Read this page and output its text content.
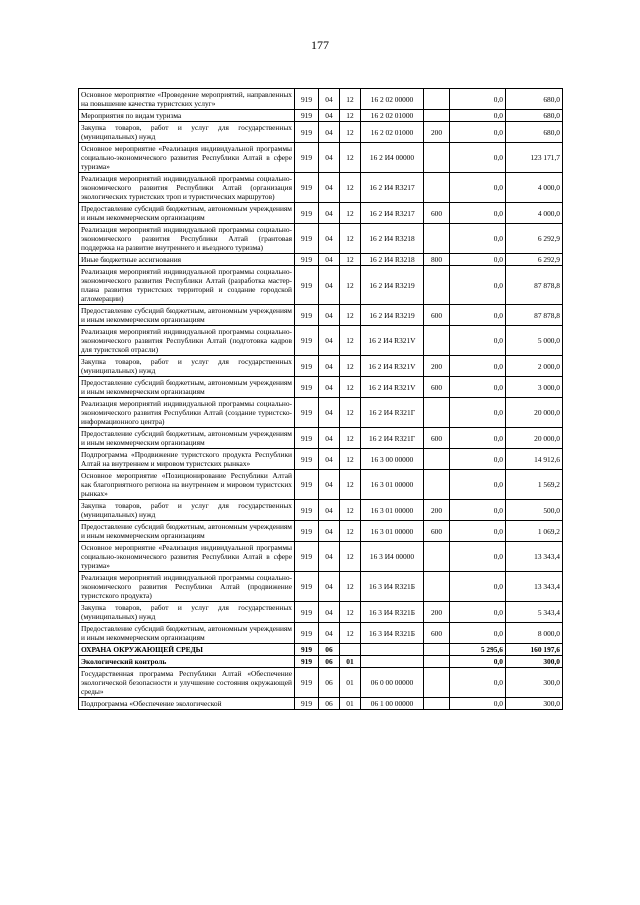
177
Основное мероприятие «Проведение мероприятий, направленных на повышение качества туристских услуг»	919	04	12	16 2 02 00000		0,0	680,0
Мероприятия по видам туризма	919	04	12	16 2 02 01000		0,0	680,0
Закупка товаров, работ и услуг для государственных (муниципальных) нужд	919	04	12	16 2 02 01000	200	0,0	680,0
Основное мероприятие «Реализация индивидуальной программы социально-экономического развития Республики Алтай в сфере туризма»	919	04	12	16 2 И4 00000		0,0	123 171,7
Реализация мероприятий индивидуальной программы социально-экономического развития Республики Алтай (организация экологических туристских троп и туристических маршрутов)	919	04	12	16 2 И4 R3217		0,0	4 000,0
Предоставление субсидий бюджетным, автономным учреждениям и иным некоммерческим организациям	919	04	12	16 2 И4 R3217	600	0,0	4 000,0
Реализация мероприятий индивидуальной программы социально-экономического развития Республики Алтай (грантовая поддержка на развитие внутреннего и въездного туризма)	919	04	12	16 2 И4 R3218		0,0	6 292,9
Иные бюджетные ассигнования	919	04	12	16 2 И4 R3218	800	0,0	6 292,9
Реализация мероприятий индивидуальной программы социально-экономического развития Республики Алтай (разработка мастер-плана развития туристских территорий и создание городской агломерации)	919	04	12	16 2 И4 R3219		0,0	87 878,8
Предоставление субсидий бюджетным, автономным учреждениям и иным некоммерческим организациям	919	04	12	16 2 И4 R3219	600	0,0	87 878,8
Реализация мероприятий индивидуальной программы социально-экономического развития Республики Алтай (подготовка кадров для туристской отрасли)	919	04	12	16 2 И4 R321V		0,0	5 000,0
Закупка товаров, работ и услуг для государственных (муниципальных) нужд	919	04	12	16 2 И4 R321V	200	0,0	2 000,0
Предоставление субсидий бюджетным, автономным учреждениям и иным некоммерческим организациям	919	04	12	16 2 И4 R321V	600	0,0	3 000,0
Реализация мероприятий индивидуальной программы социально-экономического развития Республики Алтай (создание туристско-информационного центра)	919	04	12	16 2 И4 R321Г		0,0	20 000,0
Предоставление субсидий бюджетным, автономным учреждениям и иным некоммерческим организациям	919	04	12	16 2 И4 R321Г	600	0,0	20 000,0
Подпрограмма «Продвижение туристского продукта Республики Алтай на внутреннем и мировом туристских рынках»	919	04	12	16 3 00 00000		0,0	14 912,6
Основное мероприятие «Позиционирование Республики Алтай как благоприятного региона на внутреннем и мировом туристских рынках»	919	04	12	16 3 01 00000		0,0	1 569,2
Закупка товаров, работ и услуг для государственных (муниципальных) нужд	919	04	12	16 3 01 00000	200	0,0	500,0
Предоставление субсидий бюджетным, автономным учреждениям и иным некоммерческим организациям	919	04	12	16 3 01 00000	600	0,0	1 069,2
Основное мероприятие «Реализация индивидуальной программы социально-экономического развития Республики Алтай в сфере туризма»	919	04	12	16 3 И4 00000		0,0	13 343,4
Реализация мероприятий индивидуальной программы социально-экономического развития Республики Алтай (продвижение туристского продукта)	919	04	12	16 3 И4 R321Б		0,0	13 343,4
Закупка товаров, работ и услуг для государственных (муниципальных) нужд	919	04	12	16 3 И4 R321Б	200	0,0	5 343,4
Предоставление субсидий бюджетным, автономным учреждениям и иным некоммерческим организациям	919	04	12	16 3 И4 R321Б	600	0,0	8 000,0
ОХРАНА ОКРУЖАЮЩЕЙ СРЕДЫ	919	06				5 295,6	160 197,6
Экологический контроль	919	06	01			0,0	300,0
Государственная программа Республики Алтай «Обеспечение экологической безопасности и улучшение состояния окружающей среды»	919	06	01	06 0 00 00000		0,0	300,0
Подпрограмма «Обеспечение экологической	919	06	01	06 1 00 00000		0,0	300,0
